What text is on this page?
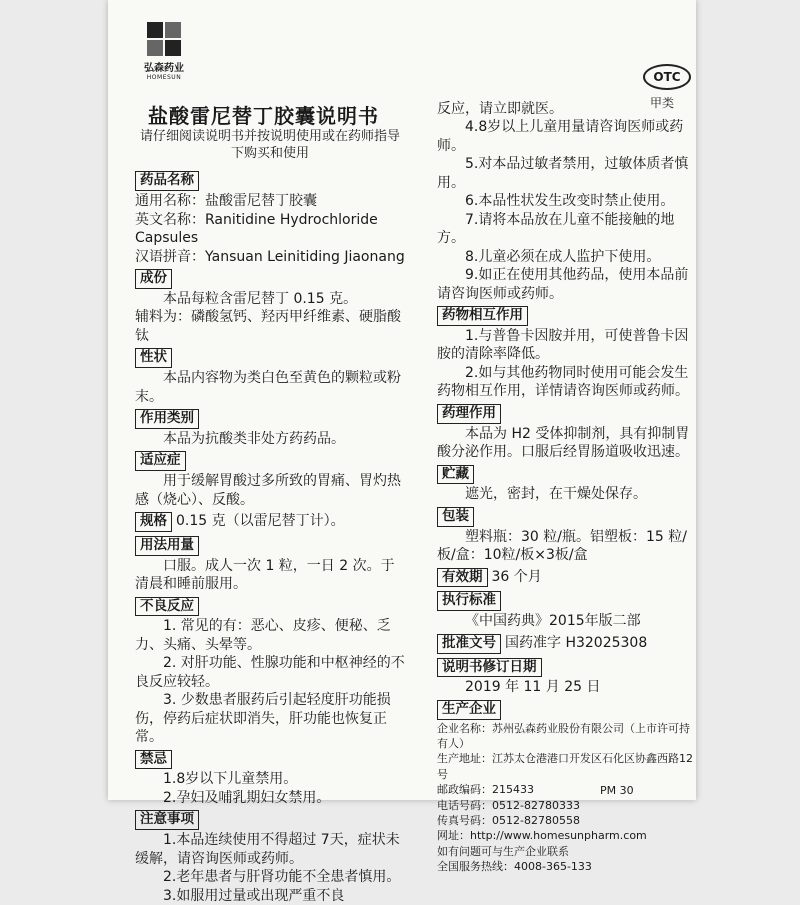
弘森药业
HOMESUN	OTC
甲类
盐酸雷尼替丁胶囊说明书
请仔细阅读说明书并按说明使用或在药师指导下购买和使用
药品名称

通用名称：盐酸雷尼替丁胶囊

英文名称：Ranitidine Hydrochloride Capsules

汉语拼音：Yansuan Leinitiding Jiaonang

成份

本品每粒含雷尼替丁 0.15 克。

辅料为：磷酸氢钙、羟丙甲纤维素、硬脂酸钛

性状

本品内容物为类白色至黄色的颗粒或粉末。

作用类别

本品为抗酸类非处方药药品。

适应症

用于缓解胃酸过多所致的胃痛、胃灼热感（烧心）、反酸。

规格 0.15 克（以雷尼替丁计）。
用法用量

口服。成人一次 1 粒，一日 2 次。于清晨和睡前服用。

不良反应

1. 常见的有：恶心、皮疹、便秘、乏力、头痛、头晕等。

2. 对肝功能、性腺功能和中枢神经的不良反应较轻。

3. 少数患者服药后引起轻度肝功能损伤，停药后症状即消失，肝功能也恢复正常。

禁忌

1.8岁以下儿童禁用。

2.孕妇及哺乳期妇女禁用。

注意事项

1.本品连续使用不得超过 7天，症状未缓解，请咨询医师或药师。

2.老年患者与肝肾功能不全患者慎用。

3.如服用过量或出现严重不良

反应，请立即就医。

4.8岁以上儿童用量请咨询医师或药师。

5.对本品过敏者禁用，过敏体质者慎用。

6.本品性状发生改变时禁止使用。

7.请将本品放在儿童不能接触的地方。

8.儿童必须在成人监护下使用。

9.如正在使用其他药品，使用本品前请咨询医师或药师。

药物相互作用

1.与普鲁卡因胺并用，可使普鲁卡因胺的清除率降低。

2.如与其他药物同时使用可能会发生药物相互作用，详情请咨询医师或药师。

药理作用

本品为 H2 受体抑制剂，具有抑制胃酸分泌作用。口服后经胃肠道吸收迅速。

贮藏

遮光，密封，在干燥处保存。

包装

塑料瓶：30 粒/瓶。铝塑板：15 粒/板/盒：10粒/板×3板/盒

有效期 36 个月
执行标准

《中国药典》2015年版二部

批准文号 国药准字 H32025308
说明书修订日期

2019 年 11 月 25 日

生产企业

企业名称：苏州弘森药业股份有限公司（上市许可持有人）

生产地址：江苏太仓港港口开发区石化区协鑫西路12号

邮政编码：215433

电话号码：0512-82780333

传真号码：0512-82780558

网址：http://www.homesunpharm.com

如有问题可与生产企业联系

全国服务热线：4008-365-133

PM 30
